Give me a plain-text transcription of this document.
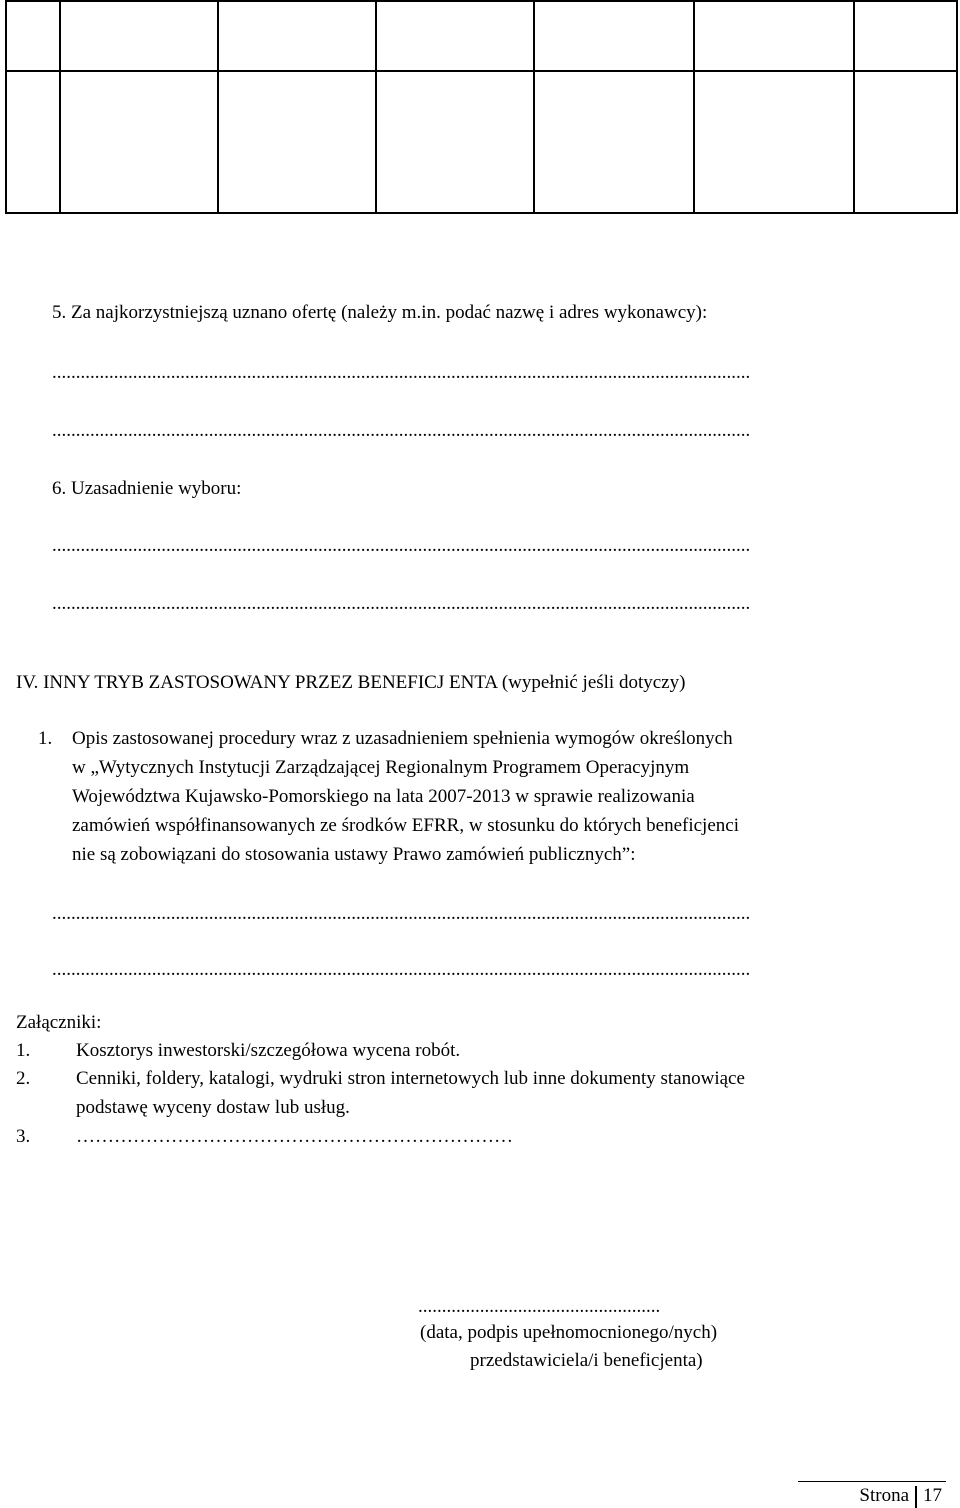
5. Za najkorzystniejszą uznano ofertę (należy m.in. podać nazwę i adres wykonawcy):
...................................................................................................................................................
...................................................................................................................................................
6. Uzasadnienie wyboru:
...................................................................................................................................................
...................................................................................................................................................
IV. INNY TRYB ZASTOSOWANY PRZEZ BENEFICJ ENTA (wypełnić jeśli dotyczy)
1. Opis zastosowanej procedury wraz z uzasadnieniem spełnienia wymogów określonych
w „Wytycznych Instytucji Zarządzającej Regionalnym Programem Operacyjnym
Województwa Kujawsko-Pomorskiego na lata 2007-2013 w sprawie realizowania
zamówień współfinansowanych ze środków EFRR, w stosunku do których beneficjenci
nie są zobowiązani do stosowania ustawy Prawo zamówień publicznych”:
...................................................................................................................................................
...................................................................................................................................................
Załączniki:
1. Kosztorys inwestorski/szczegółowa wycena robót.
2. Cenniki, foldery, katalogi, wydruki stron internetowych lub inne dokumenty stanowiące
podstawę wyceny dostaw lub usług.
3. ……………………………………………………………
...................................................
(data, podpis upełnomocnionego/nych)
przedstawiciela/i beneficjenta)
Strona 17
